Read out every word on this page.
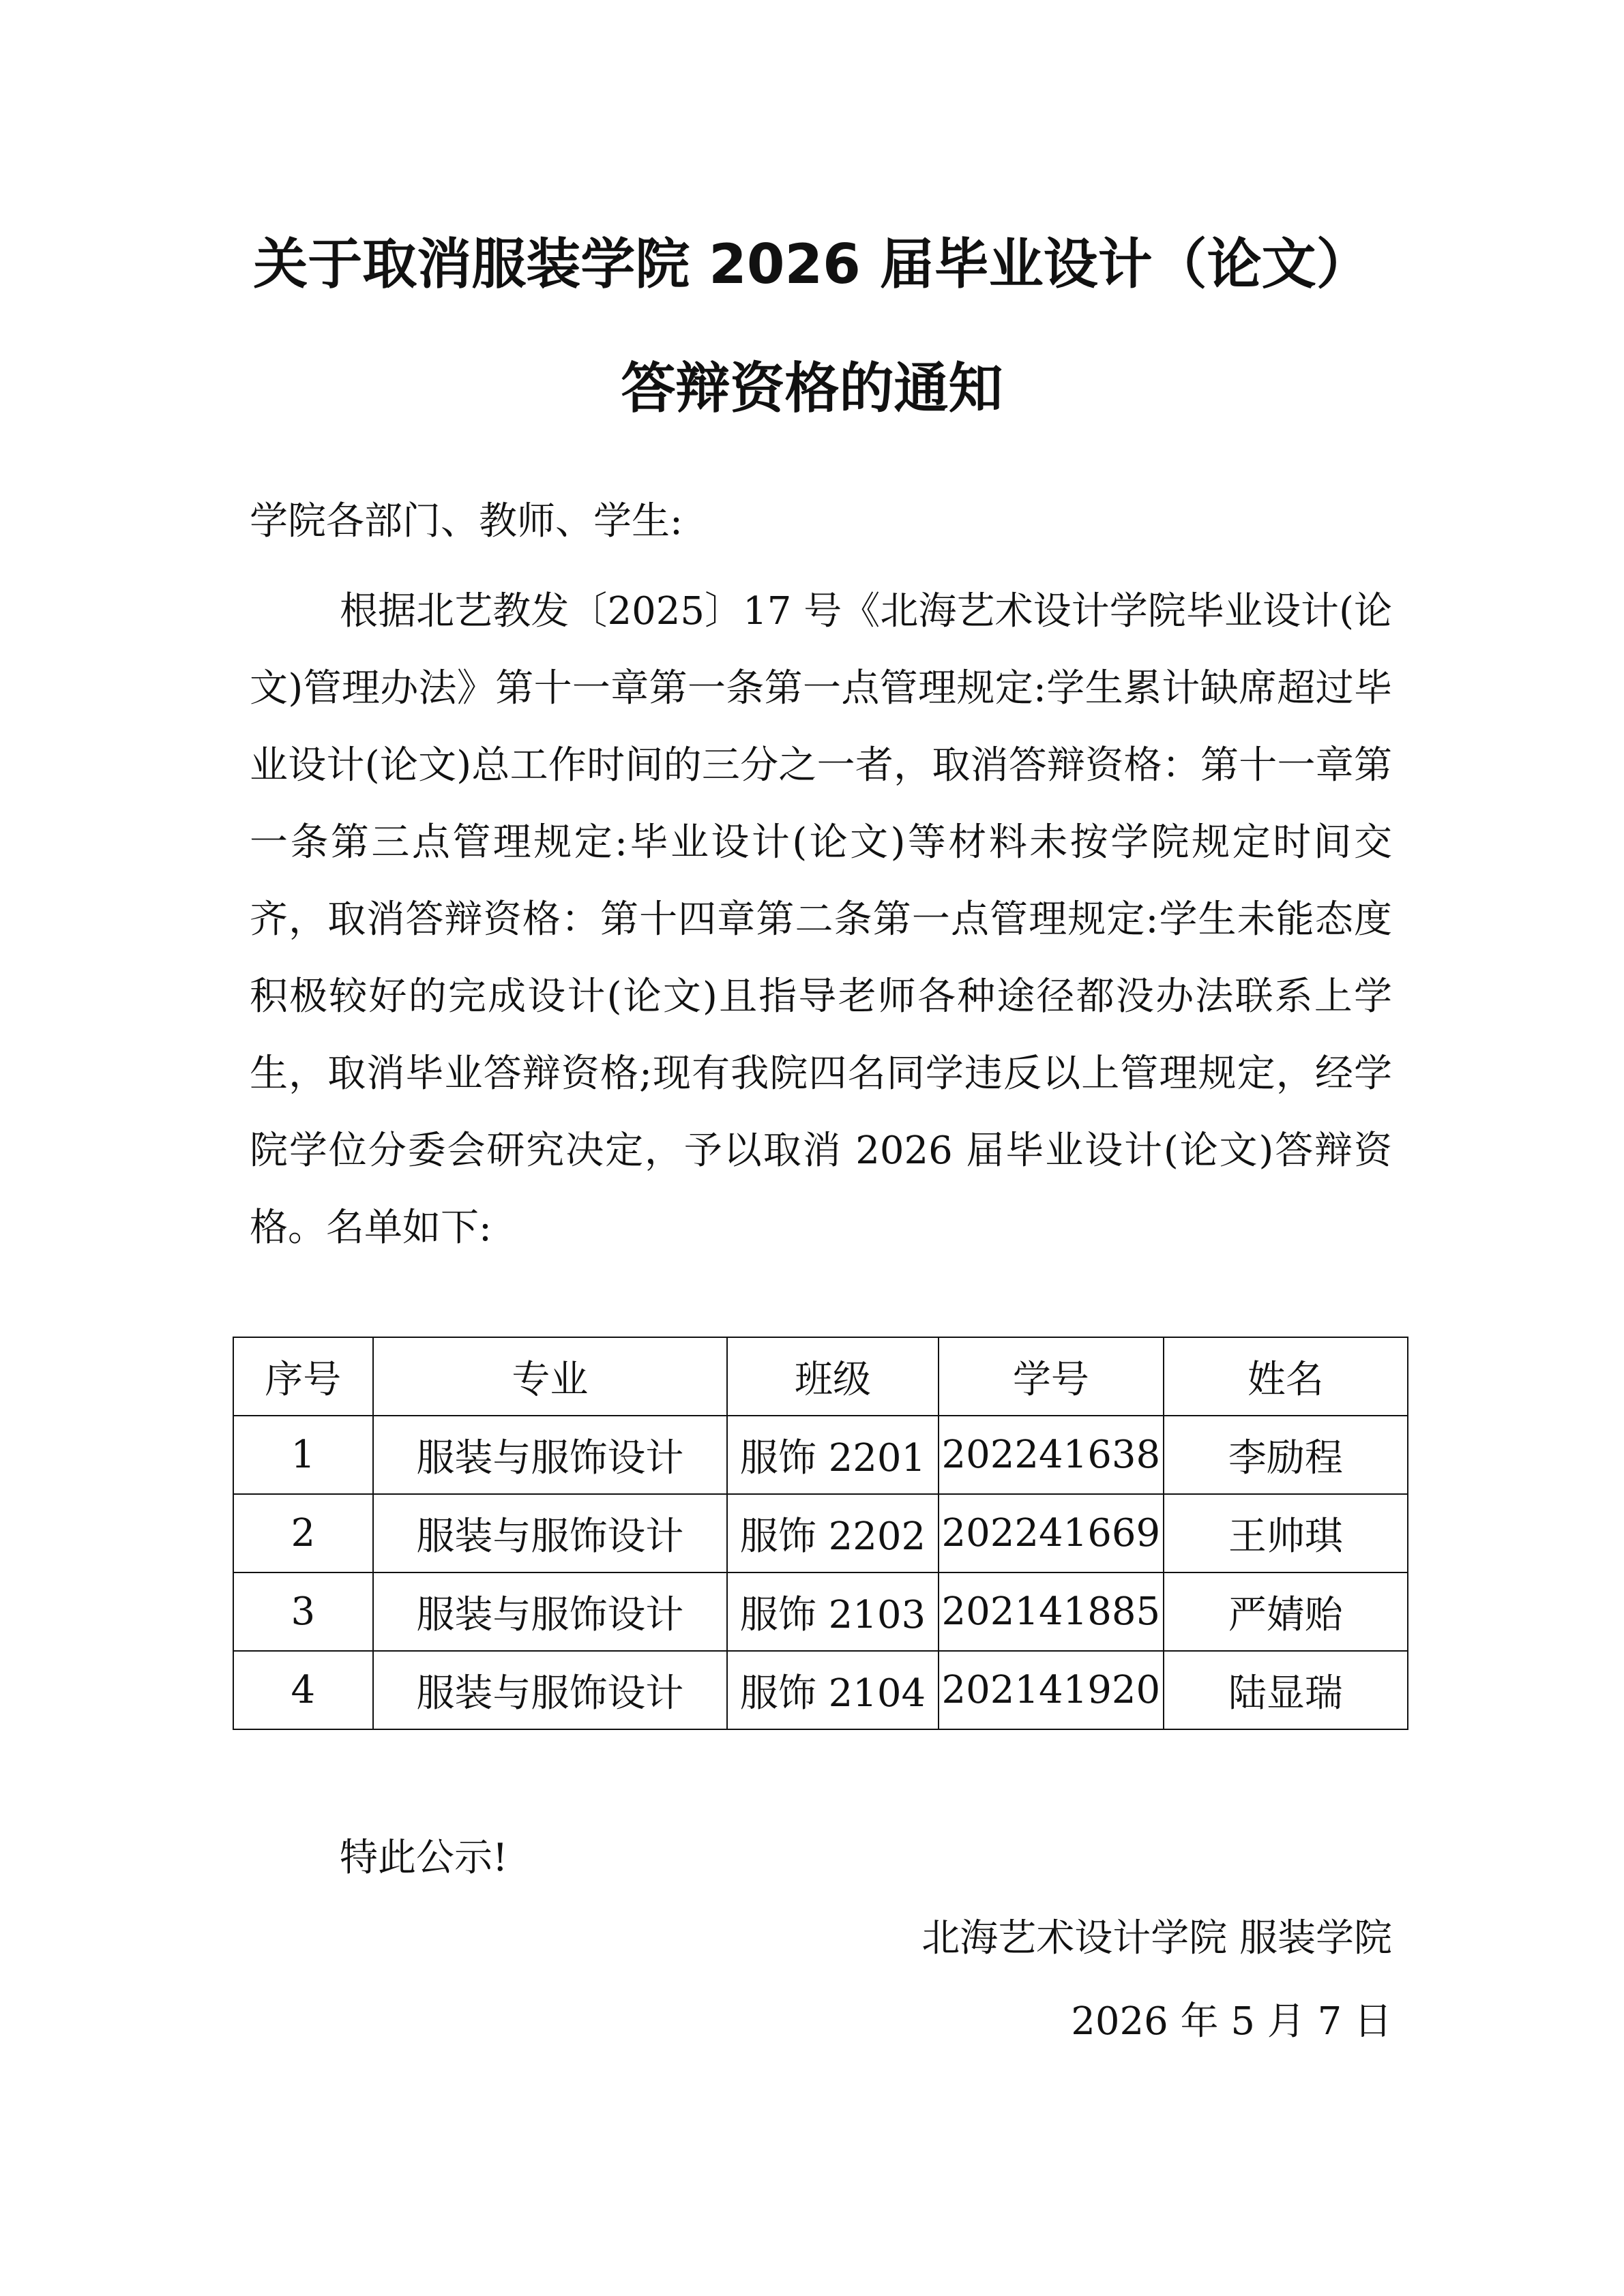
关于取消服装学院 2026 届毕业设计（论文）
答辩资格的通知

学院各部门、教师、学生:

根据北艺教发〔2025〕17 号《北海艺术设计学院毕业设计(论文)管理办法》第十一章第一条第一点管理规定:学生累计缺席超过毕业设计(论文)总工作时间的三分之一者，取消答辩资格：第十一章第一条第三点管理规定:毕业设计(论文)等材料未按学院规定时间交齐，取消答辩资格：第十四章第二条第一点管理规定:学生未能态度积极较好的完成设计(论文)且指导老师各种途径都没办法联系上学生，取消毕业答辩资格;现有我院四名同学违反以上管理规定，经学院学位分委会研究决定，予以取消 2026 届毕业设计(论文)答辩资格。名单如下:

序号	专业	班级	学号	姓名
1	服装与服饰设计	服饰 2201	202241638	李励程
2	服装与服饰设计	服饰 2202	202241669	王帅琪
3	服装与服饰设计	服饰 2103	202141885	严婧贻
4	服装与服饰设计	服饰 2104	202141920	陆显瑞

特此公示!

北海艺术设计学院 服装学院

2026 年 5 月 7 日
